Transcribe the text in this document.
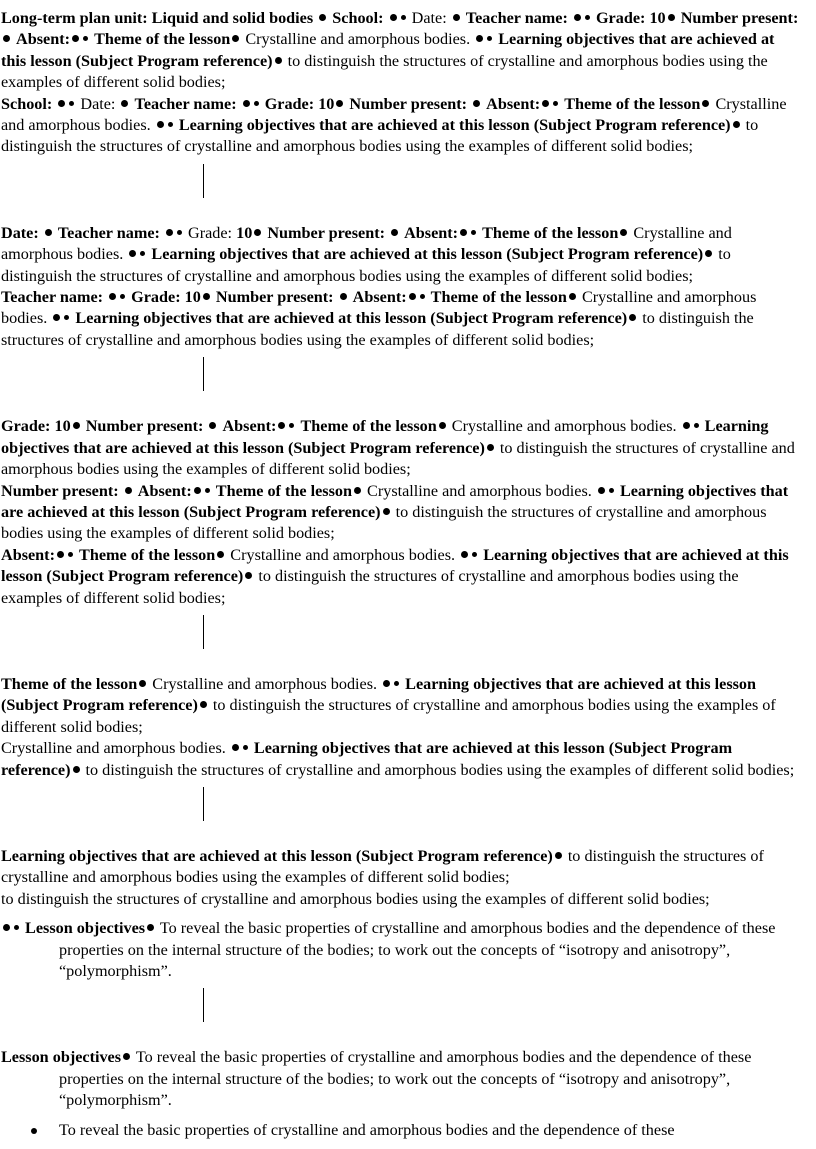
Long-term plan unit: Liquid and solid bodies School: Date: Teacher name: Grade: 10 Number present:  Absent: Theme of the lesson Crystalline and amorphous bodies. Learning objectives that are achieved at this lesson (Subject Program reference) to distinguish the structures of crystalline and amorphous bodies using the examples of different solid bodies;

School: Date: Teacher name: Grade: 10 Number present: Absent: Theme of the lesson Crystalline and amorphous bodies. Learning objectives that are achieved at this lesson (Subject Program reference) to distinguish the structures of crystalline and amorphous bodies using the examples of different solid bodies;

Date: Teacher name: Grade: 10 Number present: Absent: Theme of the lesson Crystalline and amorphous bodies. Learning objectives that are achieved at this lesson (Subject Program reference) to distinguish the structures of crystalline and amorphous bodies using the examples of different solid bodies;

Teacher name: Grade: 10 Number present: Absent: Theme of the lesson Crystalline and amorphous bodies. Learning objectives that are achieved at this lesson (Subject Program reference) to distinguish the structures of crystalline and amorphous bodies using the examples of different solid bodies;

Grade: 10 Number present: Absent: Theme of the lesson Crystalline and amorphous bodies. Learning objectives that are achieved at this lesson (Subject Program reference) to distinguish the structures of crystalline and amorphous bodies using the examples of different solid bodies;

Number present: Absent: Theme of the lesson Crystalline and amorphous bodies. Learning objectives that are achieved at this lesson (Subject Program reference) to distinguish the structures of crystalline and amorphous bodies using the examples of different solid bodies;

Absent: Theme of the lesson Crystalline and amorphous bodies. Learning objectives that are achieved at this lesson (Subject Program reference) to distinguish the structures of crystalline and amorphous bodies using the examples of different solid bodies;

Theme of the lesson Crystalline and amorphous bodies. Learning objectives that are achieved at this lesson (Subject Program reference) to distinguish the structures of crystalline and amorphous bodies using the examples of different solid bodies;

Crystalline and amorphous bodies. Learning objectives that are achieved at this lesson (Subject Program reference) to distinguish the structures of crystalline and amorphous bodies using the examples of different solid bodies;

Learning objectives that are achieved at this lesson (Subject Program reference) to distinguish the structures of crystalline and amorphous bodies using the examples of different solid bodies;

to distinguish the structures of crystalline and amorphous bodies using the examples of different solid bodies;

Lesson objectives To reveal the basic properties of crystalline and amorphous bodies and the dependence of these properties on the internal structure of the bodies; to work out the concepts of “isotropy and anisotropy”, “polymorphism”.

Lesson objectives To reveal the basic properties of crystalline and amorphous bodies and the dependence of these properties on the internal structure of the bodies; to work out the concepts of “isotropy and anisotropy”, “polymorphism”.

To reveal the basic properties of crystalline and amorphous bodies and the dependence of these
